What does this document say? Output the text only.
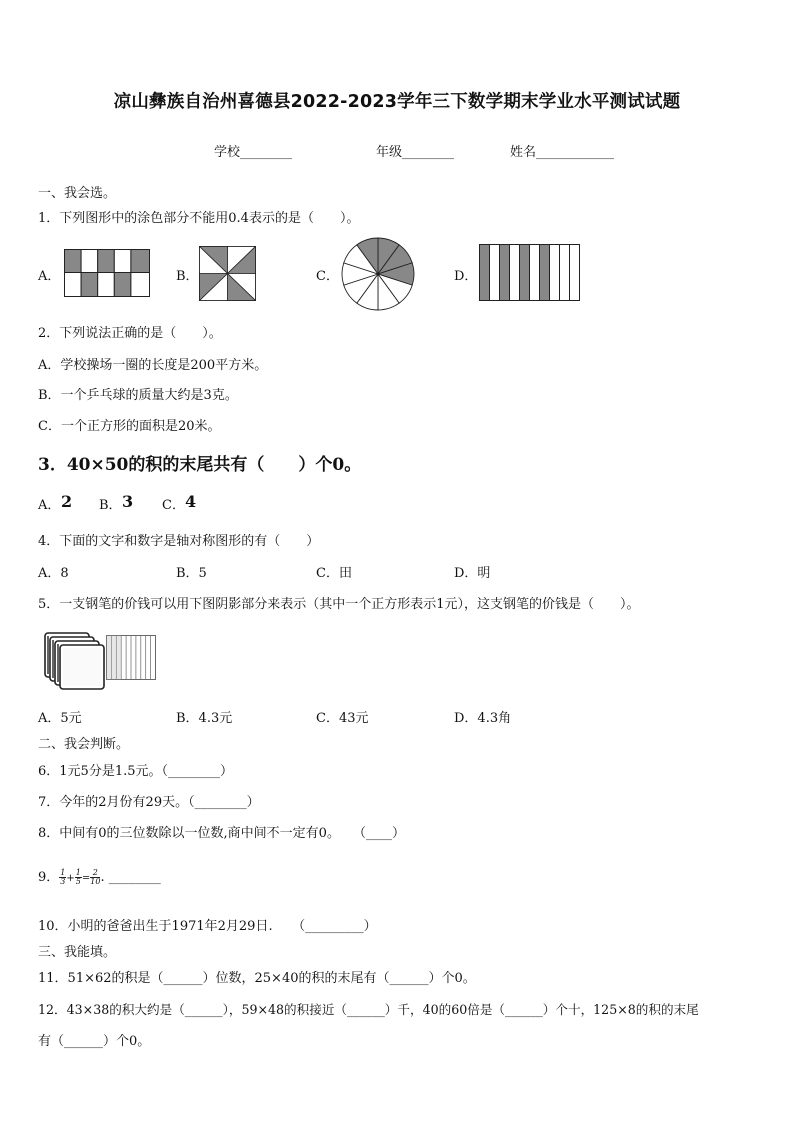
凉山彝族自治州喜德县2022-2023学年三下数学期末学业水平测试试题
学校________	年级________	姓名____________
一、我会选。
1．下列图形中的涂色部分不能用0.4表示的是（　　）。
A．	B．	C．	D．
2．下列说法正确的是（　　）。
A．学校操场一圈的长度是200平方米。
B．一个乒乓球的质量大约是3克。
C．一个正方形的面积是20米。
3．40×50的积的末尾共有（　　）个0。
A． 2 B． 3 C． 4
4．下面的文字和数字是轴对称图形的有（　　）
A．8	B．5	C．田	D．明
5．一支钢笔的价钱可以用下图阴影部分来表示（其中一个正方形表示1元），这支钢笔的价钱是（　　）。
A．5元	B．4.3元	C．43元	D．4.3角
二、我会判断。
6．1元5分是1.5元。（________）
7．今年的2月份有29天。（________）
8．中间有0的三位数除以一位数,商中间不一定有0。　　（____）
9． $\frac{1}{3} + \frac{1}{5} = \frac{2}{10}$ . ________
10．小明的爸爸出生于1971年2月29日.　　（_________）
三、我能填。
11．51×62的积是（______）位数，25×40的积的末尾有（______）个0。
12．43×38的积大约是（______），59×48的积接近（______）千，40的60倍是（______）个十，125×8的积的末尾
有（______）个0。
